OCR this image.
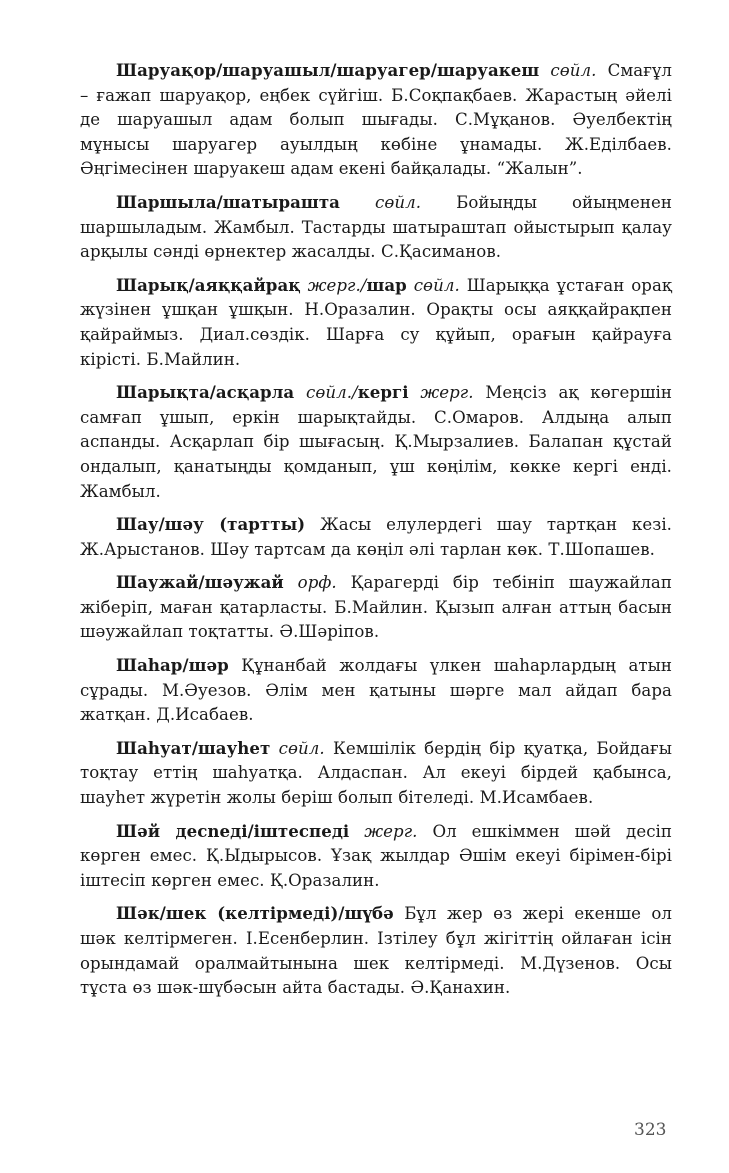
Шаруақор/шаруашыл/шаруагер/шаруакеш сөйл. Смағұл – ғажап шаруақор, еңбек сүйгіш. Б.Соқпақбаев. Жарастың әйелі де шаруашыл адам болып шығады. С.Мұқанов. Әуелбектің мұнысы шаруагер ауылдың көбіне ұнамады. Ж.Еділбаев. Әңгімесінен шаруакеш адам екені байқалады. “Жалын”.

Шаршыла/шатыраштa сөйл. Бойыңды ойыңменен шаршыладым. Жамбыл. Тастарды шатыраштап ойыстырып қалау арқылы сәнді өрнектер жасалды. С.Қасиманов.

Шарық/аяққайрақ жерг./шар сөйл. Шарыққа ұстаған орақ жүзінен ұшқан ұшқын. Н.Оразалин. Орақты осы аяққайрақпен қайраймыз. Диал.сөздік. Шарға су құйып, орағын қайрауға кірісті. Б.Майлин.

Шарықта/асқарла сөйл./кергі жерг. Меңсіз ақ көгершін самғап ұшып, еркін шарықтайды. С.Омаров. Алдыңа алып аспанды. Асқарлап бір шығасың. Қ.Мырзалиев. Балапан құстай ондалып, қанатыңды қомданып, ұш көңілім, көкке кергі енді. Жамбыл.

Шау/шәу (тартты) Жасы елулердегі шау тартқан кезі. Ж.Арыстанов. Шәу тартсам да көңіл әлі тарлан көк. Т.Шопашев.

Шаужай/шәужай орф. Қарагерді бір тебініп шаужайлап жіберіп, маған қатарласты. Б.Майлин. Қызып алған аттың басын шәужайлап тоқтатты. Ә.Шәріпов.

Шаһар/шәр Құнанбай жолдағы үлкен шаһарлардың атын сұрады. М.Әуезов. Әлім мен қатыны шәрге мал айдап бара жатқан. Д.Исабаев.

Шаһуат/шауһет сөйл. Кемшілік бердің бір қуатқа, Бойдағы тоқтау еттің шаһуатқа. Алдаспан. Ал екеуі бірдей қабынса, шауһет жүретін жолы беріш болып бітеледі. М.Исамбаев.

Шәй десnеді/іштеспеді жерг. Ол ешкіммен шәй десіп көрген емес. Қ.Ыдырысов. Ұзақ жылдар Әшім екеуі бірімен-бірі іштесіп көрген емес. Қ.Оразалин.

Шәк/шек (келтірмеді)/шүбә Бұл жер өз жері екенше ол шәк келтірмеген. І.Есенберлин. Ізтілеу бұл жігіттің ойлаған ісін орындамай оралмайтынына шек келтірмеді. М.Дүзенов. Осы тұста өз шәк-шүбәсын айта бастады. Ә.Қанахин.

323
